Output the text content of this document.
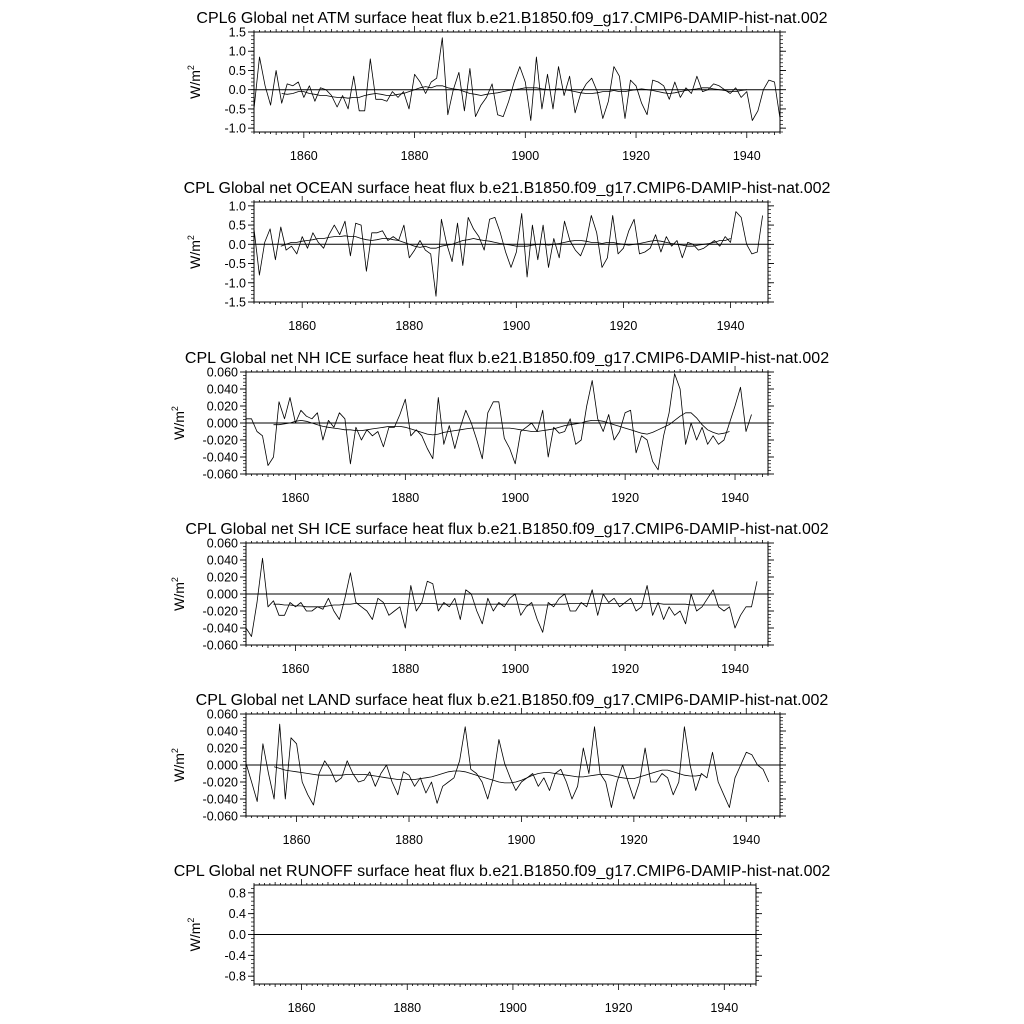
CPL6 Global net ATM surface heat flux b.e21.B1850.f09_g17.CMIP6-DAMIP-hist-nat.002
1860	1880	1900	1920	1940
1.5
1.0
0.5
0.0
-0.5
-1.0
$W/m^2$
CPL Global net OCEAN surface heat flux b.e21.B1850.f09_g17.CMIP6-DAMIP-hist-nat.002
1860	1880	1900	1920	1940
1.0
0.5
0.0
-0.5
-1.0
-1.5
$W/m^2$
CPL Global net NH ICE surface heat flux b.e21.B1850.f09_g17.CMIP6-DAMIP-hist-nat.002
1860	1880	1900	1920	1940
0.060
0.040
0.020
0.000
-0.020
-0.040
-0.060
$W/m^2$
CPL Global net SH ICE surface heat flux b.e21.B1850.f09_g17.CMIP6-DAMIP-hist-nat.002
1860	1880	1900	1920	1940
0.060
0.040
0.020
0.000
-0.020
-0.040
-0.060
$W/m^2$
CPL Global net LAND surface heat flux b.e21.B1850.f09_g17.CMIP6-DAMIP-hist-nat.002
1860	1880	1900	1920	1940
0.060
0.040
0.020
0.000
-0.020
-0.040
-0.060
$W/m^2$
CPL Global net RUNOFF surface heat flux b.e21.B1850.f09_g17.CMIP6-DAMIP-hist-nat.002
1860	1880	1900	1920	1940
0.8
0.4
0.0
-0.4
-0.8
$W/m^2$
